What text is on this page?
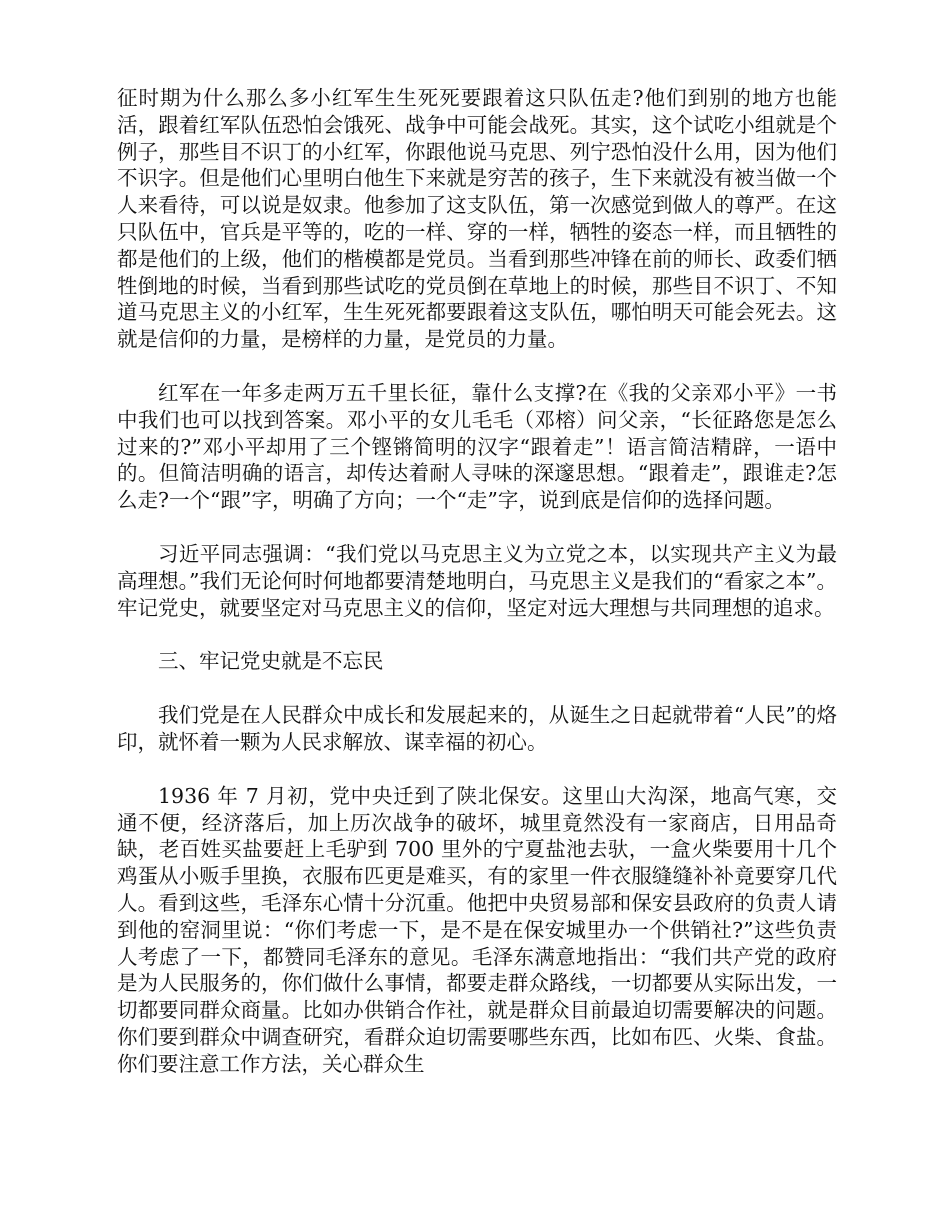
征时期为什么那么多小红军生生死死要跟着这只队伍走?他们到别的地方也能活，跟着红军队伍恐怕会饿死、战争中可能会战死。其实，这个试吃小组就是个例子，那些目不识丁的小红军，你跟他说马克思、列宁恐怕没什么用，因为他们不识字。但是他们心里明白他生下来就是穷苦的孩子，生下来就没有被当做一个人来看待，可以说是奴隶。他参加了这支队伍，第一次感觉到做人的尊严。在这只队伍中，官兵是平等的，吃的一样、穿的一样，牺牲的姿态一样，而且牺牲的都是他们的上级，他们的楷模都是党员。当看到那些冲锋在前的师长、政委们牺牲倒地的时候，当看到那些试吃的党员倒在草地上的时候，那些目不识丁、不知道马克思主义的小红军，生生死死都要跟着这支队伍，哪怕明天可能会死去。这就是信仰的力量，是榜样的力量，是党员的力量。

红军在一年多走两万五千里长征，靠什么支撑?在《我的父亲邓小平》一书中我们也可以找到答案。邓小平的女儿毛毛（邓榕）问父亲，“长征路您是怎么过来的?”邓小平却用了三个铿锵简明的汉字“跟着走”！语言简洁精辟，一语中的。但简洁明确的语言，却传达着耐人寻味的深邃思想。“跟着走”，跟谁走?怎么走?一个“跟”字，明确了方向；一个“走”字，说到底是信仰的选择问题。

习近平同志强调：“我们党以马克思主义为立党之本，以实现共产主义为最高理想。”我们无论何时何地都要清楚地明白，马克思主义是我们的“看家之本”。牢记党史，就要坚定对马克思主义的信仰，坚定对远大理想与共同理想的追求。

三、牢记党史就是不忘民

我们党是在人民群众中成长和发展起来的，从诞生之日起就带着“人民”的烙印，就怀着一颗为人民求解放、谋幸福的初心。

1936 年 7 月初，党中央迁到了陕北保安。这里山大沟深，地高气寒，交通不便，经济落后，加上历次战争的破坏，城里竟然没有一家商店，日用品奇缺，老百姓买盐要赶上毛驴到 700 里外的宁夏盐池去驮，一盒火柴要用十几个鸡蛋从小贩手里换，衣服布匹更是难买，有的家里一件衣服缝缝补补竟要穿几代人。看到这些，毛泽东心情十分沉重。他把中央贸易部和保安县政府的负责人请到他的窑洞里说：“你们考虑一下，是不是在保安城里办一个供销社?”这些负责人考虑了一下，都赞同毛泽东的意见。毛泽东满意地指出：“我们共产党的政府是为人民服务的，你们做什么事情，都要走群众路线，一切都要从实际出发，一切都要同群众商量。比如办供销合作社，就是群众目前最迫切需要解决的问题。你们要到群众中调查研究，看群众迫切需要哪些东西，比如布匹、火柴、食盐。你们要注意工作方法，关心群众生
